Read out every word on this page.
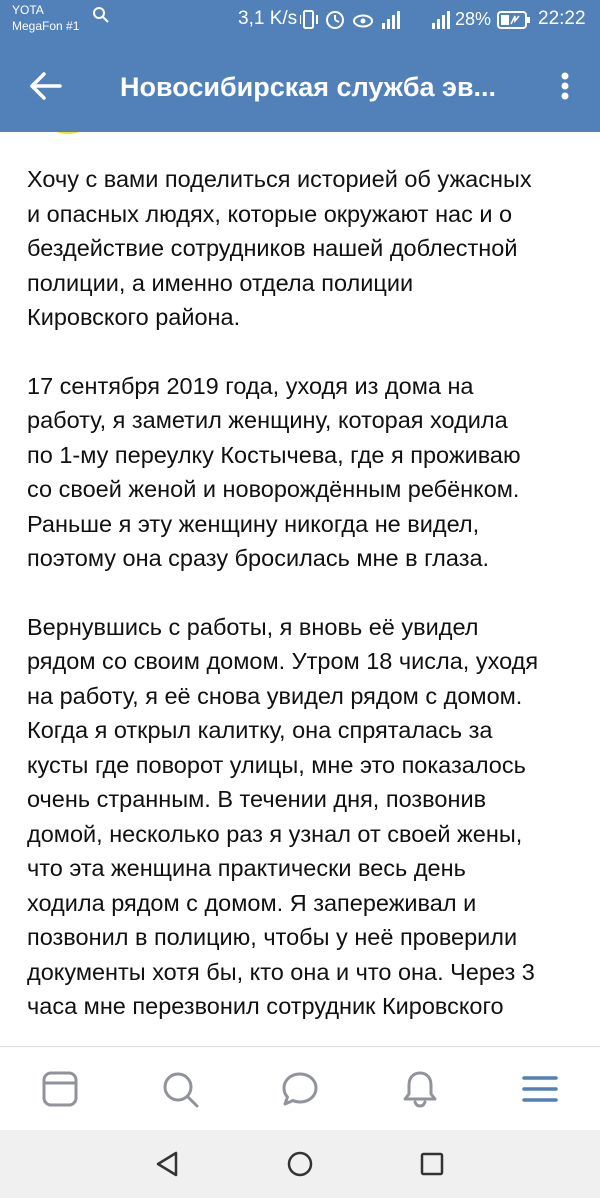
YOTA
MegaFon #1	3,1 K/s	28% 22:22
Новосибирская служба эв...

Хочу с вами поделиться историей об ужасных
и опасных людях, которые окружают нас и о
бездействие сотрудников нашей доблестной
полиции, а именно отдела полиции
Кировского района.

17 сентября 2019 года, уходя из дома на
работу, я заметил женщину, которая ходила
по 1-му переулку Костычева, где я проживаю
со своей женой и новорождённым ребёнком.
Раньше я эту женщину никогда не видел,
поэтому она сразу бросилась мне в глаза.

Вернувшись с работы, я вновь её увидел
рядом со своим домом. Утром 18 числа, уходя
на работу, я её снова увидел рядом с домом.
Когда я открыл калитку, она спряталась за
кусты где поворот улицы, мне это показалось
очень странным. В течении дня, позвонив
домой, несколько раз я узнал от своей жены,
что эта женщина практически весь день
ходила рядом с домом. Я запереживал и
позвонил в полицию, чтобы у неё проверили
документы хотя бы, кто она и что она. Через 3
часа мне перезвонил сотрудник Кировского
